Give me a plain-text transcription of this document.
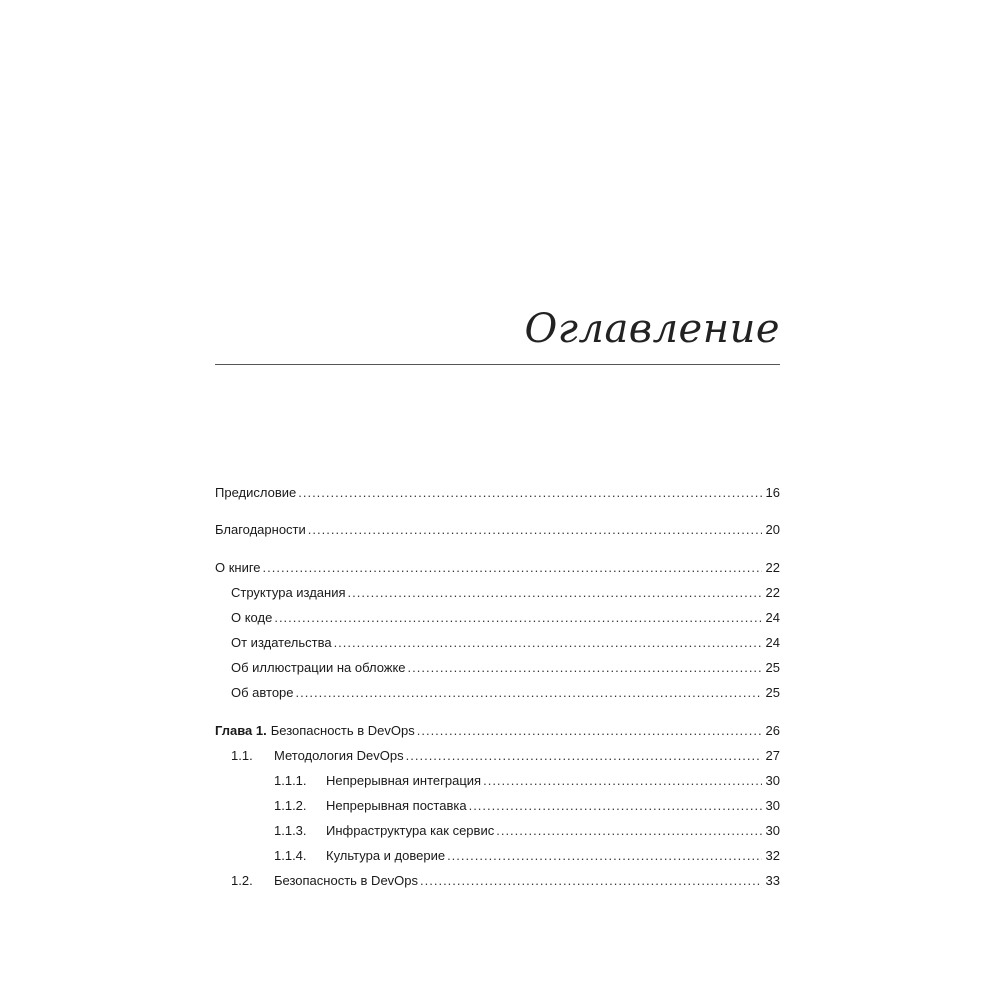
Оглавление
Предисловие .....	16
Благодарности .....	20
О книге .....	22
Структура издания .....	22
О коде .....	24
От издательства .....	24
Об иллюстрации на обложке .....	25
Об авторе .....	25
Глава 1. Безопасность в DevOps .....	26
1.1.	Методология DevOps .....	27
1.1.1.	Непрерывная интеграция .....	30
1.1.2.	Непрерывная поставка .....	30
1.1.3.	Инфраструктура как сервис .....	30
1.1.4.	Культура и доверие .....	32
1.2.	Безопасность в DevOps .....	33
